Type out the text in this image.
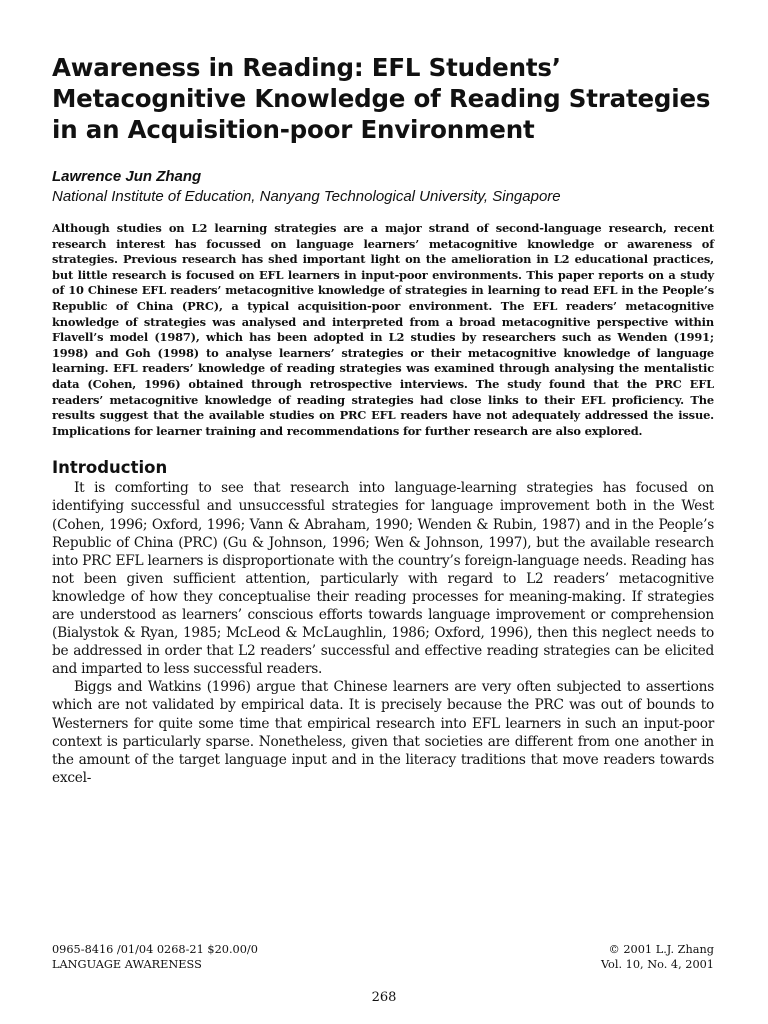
Awareness in Reading: EFL Students’ Metacognitive Knowledge of Reading Strategies in an Acquisition-poor Environment
Lawrence Jun Zhang
National Institute of Education, Nanyang Technological University, Singapore
Although studies on L2 learning strategies are a major strand of second-language research, recent research interest has focussed on language learners’ metacognitive knowledge or awareness of strategies. Previous research has shed important light on the amelioration in L2 educational practices, but little research is focused on EFL learners in input-poor environments. This paper reports on a study of 10 Chinese EFL readers’ metacognitive knowledge of strategies in learning to read EFL in the People’s Republic of China (PRC), a typical acquisition-poor environment. The EFL readers’ metacognitive knowledge of strategies was analysed and interpreted from a broad metacognitive perspective within Flavell’s model (1987), which has been adopted in L2 studies by researchers such as Wenden (1991; 1998) and Goh (1998) to analyse learners’ strategies or their metacognitive knowledge of language learning. EFL readers’ knowledge of reading strategies was examined through analysing the mentalistic data (Cohen, 1996) obtained through retrospective interviews. The study found that the PRC EFL readers’ metacognitive knowledge of reading strategies had close links to their EFL proficiency. The results suggest that the available studies on PRC EFL readers have not adequately addressed the issue. Implications for learner training and recommendations for further research are also explored.
Introduction

It is comforting to see that research into language-learning strategies has focused on identifying successful and unsuccessful strategies for language improvement both in the West (Cohen, 1996; Oxford, 1996; Vann & Abraham, 1990; Wenden & Rubin, 1987) and in the People’s Republic of China (PRC) (Gu & Johnson, 1996; Wen & Johnson, 1997), but the available research into PRC EFL learners is disproportionate with the country’s foreign-language needs. Reading has not been given sufficient attention, particularly with regard to L2 readers’ metacognitive knowledge of how they conceptualise their reading processes for meaning-making. If strategies are understood as learners’ conscious efforts towards language improvement or comprehension (Bialystok & Ryan, 1985; McLeod & McLaughlin, 1986; Oxford, 1996), then this neglect needs to be addressed in order that L2 readers’ successful and effective reading strategies can be elicited and imparted to less successful readers.

Biggs and Watkins (1996) argue that Chinese learners are very often subjected to assertions which are not validated by empirical data. It is precisely because the PRC was out of bounds to Westerners for quite some time that empirical research into EFL learners in such an input-poor context is particularly sparse. Nonetheless, given that societies are different from one another in the amount of the target language input and in the literacy traditions that move readers towards excel-

0965-8416 /01/04 0268-21 $20.00/0	© 2001 L.J. Zhang
LANGUAGE AWARENESS	Vol. 10, No. 4, 2001
268
